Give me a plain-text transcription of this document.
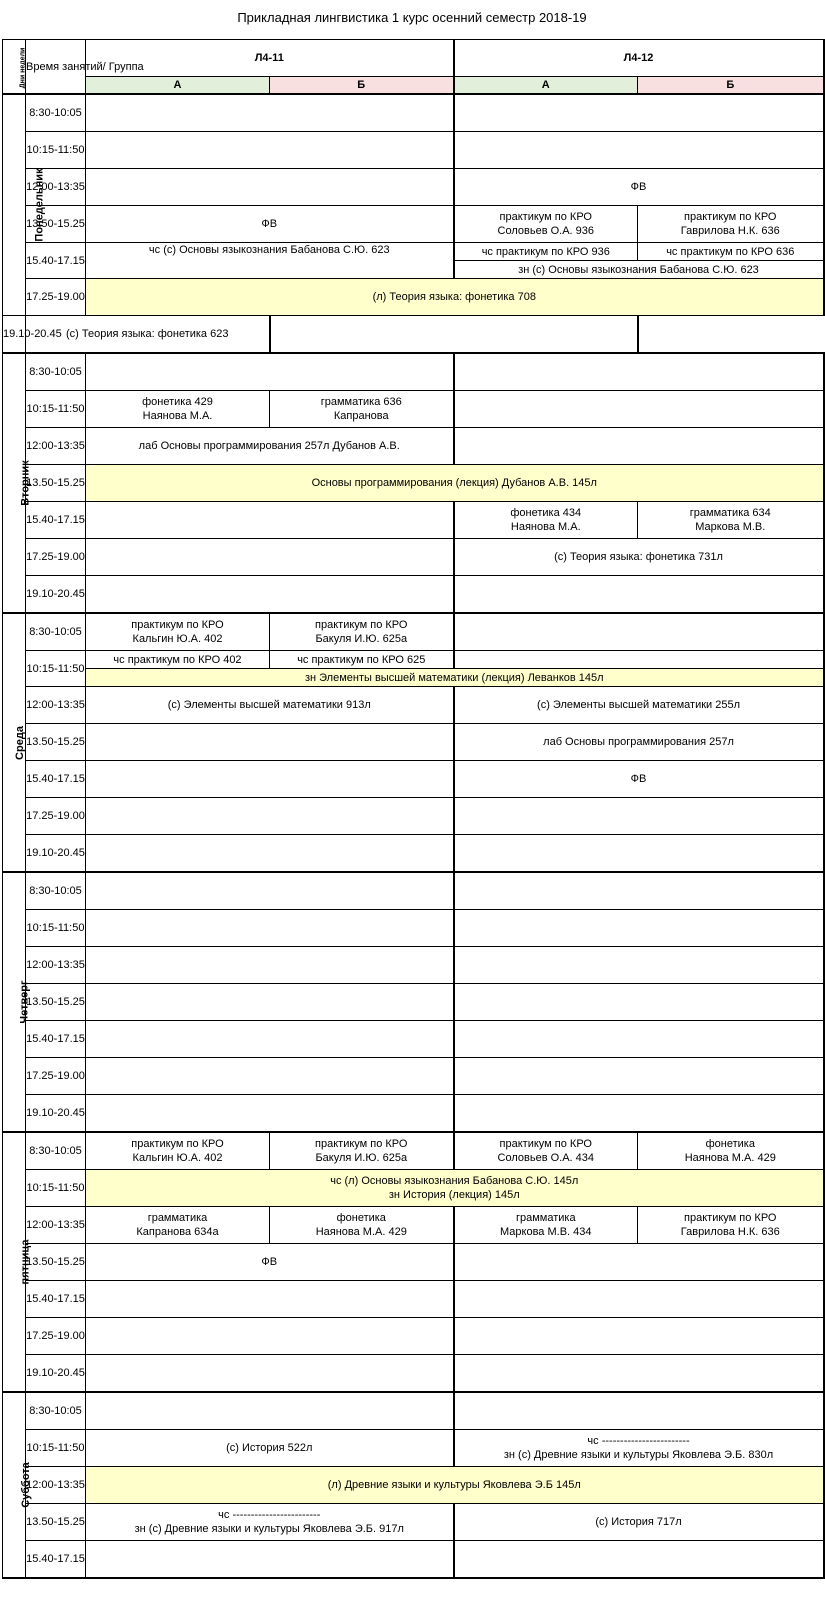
Прикладная лингвистика 1 курс осенний семестр 2018-19
Дни недели	Время занятий/ Группа	Л4-11		Л4-12	
		А	Б	А	Б
Понедельник	8:30-10:05				
	10:15-11:50				
	12:00-13:35			ФВ	
	13.50-15.25	ФВ		практикум по КРО
Соловьев О.А. 936	практикум по КРО
Гаврилова Н.К. 636

	15.40-17.15	чс (с) Основы языкознания Бабанова С.Ю. 623		чс практикум по КРО 936	чс практикум по КРО 636
				зн (с) Основы языкознания Бабанова С.Ю. 623	
	17.25-19.00	(л) Теория языка: фонетика 708			
19.10-20.45	(с) Теория языка: фонетика 623				
Вторник	8:30-10:05				
	10:15-11:50	фонетика 429
Наянова М.А.	грамматика 636
Капранова		

	12:00-13:35	лаб Основы программирования 257л Дубанов А.В.			
	13.50-15.25	Основы программирования (лекция) Дубанов А.В. 145л			
	15.40-17.15			фонетика 434
Наянова М.А.	грамматика 634
Маркова М.В.

	17.25-19.00			(с) Теория языка: фонетика 731л	
	19.10-20.45				
Среда	8:30-10:05	практикум по КРО
Кальгин Ю.А. 402	практикум по КРО
Бакуля И.Ю. 625а		

	10:15-11:50	чс практикум по КРО 402	чс практикум по КРО 625		
		зн Элементы высшей математики (лекция) Леванков 145л			
	12:00-13:35	(с) Элементы высшей математики 913л		(с) Элементы высшей математики 255л	
	13.50-15.25			лаб Основы программирования 257л	
	15.40-17.15			ФВ	
	17.25-19.00				
	19.10-20.45				
Четверг	8:30-10:05				
	10:15-11:50				
	12:00-13:35				
	13.50-15.25				
	15.40-17.15				
	17.25-19.00				
	19.10-20.45				
пятница	8:30-10:05	практикум по КРО
Кальгин Ю.А. 402	практикум по КРО
Бакуля И.Ю. 625а	практикум по КРО
Соловьев О.А. 434	фонетика
Наянова М.А. 429

	10:15-11:50	чс (л) Основы языкознания Бабанова С.Ю. 145л
зн История (лекция) 145л			

	12:00-13:35	грамматика
Капранова 634а	фонетика
Наянова М.А. 429	грамматика
Маркова М.В. 434	практикум по КРО
Гаврилова Н.К. 636

	13.50-15.25	ФВ			
	15.40-17.15				
	17.25-19.00				
	19.10-20.45				
Суббота	8:30-10:05				
	10:15-11:50	(с) История 522л		чс ------------------------
зн (с) Древние языки и культуры Яковлева Э.Б. 830л	

	12:00-13:35	(л) Древние языки и культуры Яковлева Э.Б 145л			
	13.50-15.25	чс ------------------------
зн (с) Древние языки и культуры Яковлева Э.Б. 917л		(с) История 717л	
	15.40-17.15				
